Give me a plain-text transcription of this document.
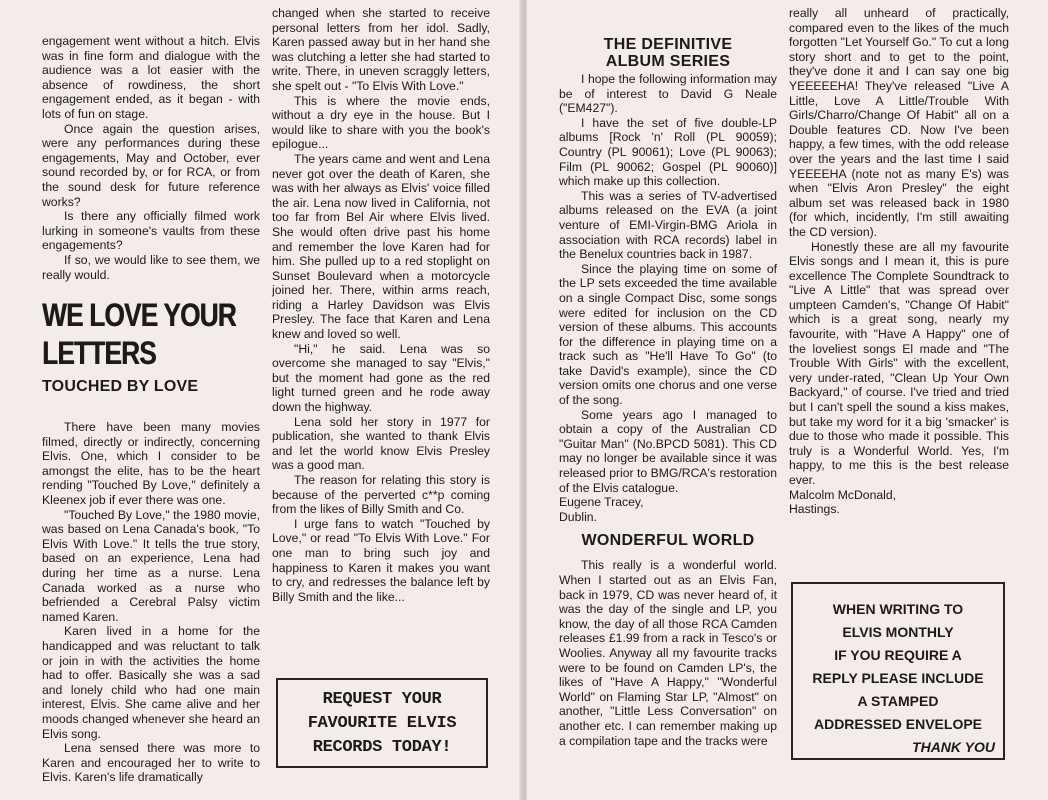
engagement went without a hitch. Elvis was in fine form and dialogue with the audience was a lot easier with the absence of rowdiness, the short engagement ended, as it began - with lots of fun on stage.

Once again the question arises, were any performances during these engagements, May and October, ever sound recorded by, or for RCA, or from the sound desk for future reference works?

Is there any officially filmed work lurking in someone's vaults from these engagements?

If so, we would like to see them, we really would.

WE LOVE YOUR
LETTERS
TOUCHED BY LOVE

There have been many movies filmed, directly or indirectly, concerning Elvis. One, which I consider to be amongst the elite, has to be the heart rending "Touched By Love," definitely a Kleenex job if ever there was one.

"Touched By Love," the 1980 movie, was based on Lena Canada's book, "To Elvis With Love." It tells the true story, based on an experience, Lena had during her time as a nurse. Lena Canada worked as a nurse who befriended a Cerebral Palsy victim named Karen.

Karen lived in a home for the handicapped and was reluctant to talk or join in with the activities the home had to offer. Basically she was a sad and lonely child who had one main interest, Elvis. She came alive and her moods changed whenever she heard an Elvis song.

Lena sensed there was more to Karen and encouraged her to write to Elvis. Karen's life dramatically

changed when she started to receive personal letters from her idol. Sadly, Karen passed away but in her hand she was clutching a letter she had started to write. There, in uneven scraggly letters, she spelt out - "To Elvis With Love."

This is where the movie ends, without a dry eye in the house. But I would like to share with you the book's epilogue...

The years came and went and Lena never got over the death of Karen, she was with her always as Elvis' voice filled the air. Lena now lived in California, not too far from Bel Air where Elvis lived. She would often drive past his home and remember the love Karen had for him. She pulled up to a red stoplight on Sunset Boulevard when a motorcycle joined her. There, within arms reach, riding a Harley Davidson was Elvis Presley. The face that Karen and Lena knew and loved so well.

"Hi," he said. Lena was so overcome she managed to say "Elvis," but the moment had gone as the red light turned green and he rode away down the highway.

Lena sold her story in 1977 for publication, she wanted to thank Elvis and let the world know Elvis Presley was a good man.

The reason for relating this story is because of the perverted c**p coming from the likes of Billy Smith and Co.

I urge fans to watch "Touched by Love," or read "To Elvis With Love." For one man to bring such joy and happiness to Karen it makes you want to cry, and redresses the balance left by Billy Smith and the like...

REQUEST YOUR
FAVOURITE ELVIS
RECORDS TODAY!
THE DEFINITIVE
ALBUM SERIES

I hope the following information may be of interest to David G Neale ("EM427").

I have the set of five double-LP albums [Rock 'n' Roll (PL 90059); Country (PL 90061); Love (PL 90063); Film (PL 90062; Gospel (PL 90060)] which make up this collection.

This was a series of TV-advertised albums released on the EVA (a joint venture of EMI-Virgin-BMG Ariola in association with RCA records) label in the Benelux countries back in 1987.

Since the playing time on some of the LP sets exceeded the time available on a single Compact Disc, some songs were edited for inclusion on the CD version of these albums. This accounts for the difference in playing time on a track such as "He'll Have To Go" (to take David's example), since the CD version omits one chorus and one verse of the song.

Some years ago I managed to obtain a copy of the Australian CD "Guitar Man" (No.BPCD 5081). This CD may no longer be available since it was released prior to BMG/RCA's restoration of the Elvis catalogue.

Eugene Tracey,

Dublin.

WONDERFUL WORLD

This really is a wonderful world. When I started out as an Elvis Fan, back in 1979, CD was never heard of, it was the day of the single and LP, you know, the day of all those RCA Camden releases £1.99 from a rack in Tesco's or Woolies. Anyway all my favourite tracks were to be found on Camden LP's, the likes of "Have A Happy," "Wonderful World" on Flaming Star LP, "Almost" on another, "Little Less Conversation" on another etc. I can remember making up a compilation tape and the tracks were

really all unheard of practically, compared even to the likes of the much forgotten "Let Yourself Go." To cut a long story short and to get to the point, they've done it and I can say one big YEEEEEHA! They've released "Live A Little, Love A Little/Trouble With Girls/Charro/Change Of Habit" all on a Double features CD. Now I've been happy, a few times, with the odd release over the years and the last time I said YEEEEHA (note not as many E's) was when "Elvis Aron Presley" the eight album set was released back in 1980 (for which, incidently, I'm still awaiting the CD version).

Honestly these are all my favourite Elvis songs and I mean it, this is pure excellence The Complete Soundtrack to "Live A Little" that was spread over umpteen Camden's, "Change Of Habit" which is a great song, nearly my favourite, with "Have A Happy" one of the loveliest songs El made and "The Trouble With Girls" with the excellent, very under-rated, "Clean Up Your Own Backyard," of course. I've tried and tried but I can't spell the sound a kiss makes, but take my word for it a big 'smacker' is due to those who made it possible. This truly is a Wonderful World. Yes, I'm happy, to me this is the best release ever.

Malcolm McDonald,

Hastings.

WHEN WRITING TO
ELVIS MONTHLY
IF YOU REQUIRE A
REPLY PLEASE INCLUDE
A STAMPED
ADDRESSED ENVELOPE
THANK YOU
